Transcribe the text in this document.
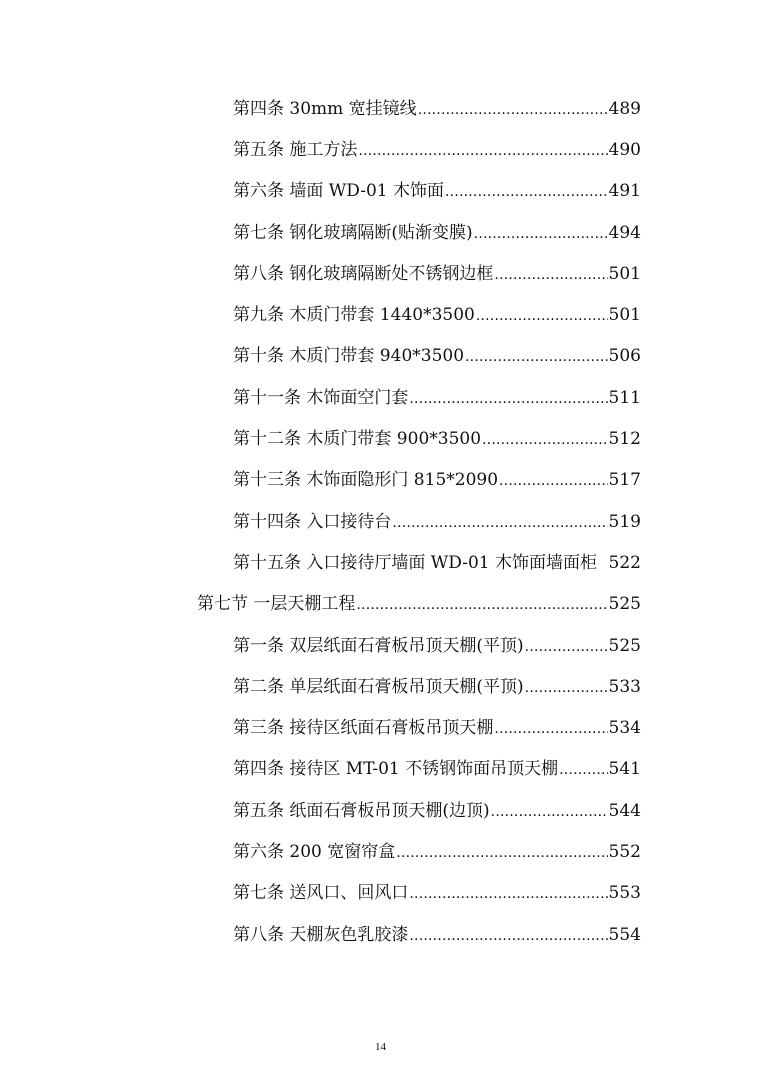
第四条 30mm 宽挂镜线 .....	489
第五条 施工方法 .....	490
第六条 墙面 WD-01 木饰面 .....	491
第七条 钢化玻璃隔断(贴渐变膜) .....	494
第八条 钢化玻璃隔断处不锈钢边框 .....	501
第九条 木质门带套 1440*3500 .....	501
第十条 木质门带套 940*3500 .....	506
第十一条 木饰面空门套 .....	511
第十二条 木质门带套 900*3500 .....	512
第十三条 木饰面隐形门 815*2090 .....	517
第十四条 入口接待台 .....	519
第十五条 入口接待厅墙面 WD-01 木饰面墙面柜 522
第七节 一层天棚工程 .....	525
第一条 双层纸面石膏板吊顶天棚(平顶) .....	525
第二条 单层纸面石膏板吊顶天棚(平顶) .....	533
第三条 接待区纸面石膏板吊顶天棚 .....	534
第四条 接待区 MT-01 不锈钢饰面吊顶天棚 .....	541
第五条 纸面石膏板吊顶天棚(边顶) .....	544
第六条 200 宽窗帘盒 .....	552
第七条 送风口、回风口 .....	553
第八条 天棚灰色乳胶漆 .....	554
14
